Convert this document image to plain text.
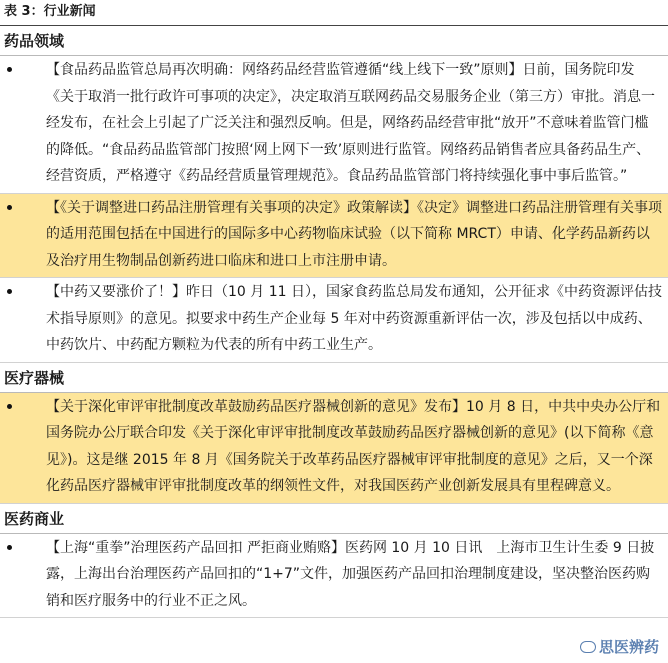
表 3：行业新闻
药品领域
【食品药品监管总局再次明确：网络药品经营监管遵循“线上线下一致”原则】日前，国务院印发《关于取消一批行政许可事项的决定》，决定取消互联网药品交易服务企业（第三方）审批。消息一经发布，在社会上引起了广泛关注和强烈反响。但是，网络药品经营审批“放开”不意味着监管门槛的降低。“食品药品监管部门按照‘网上网下一致’原则进行监管。网络药品销售者应具备药品生产、经营资质，严格遵守《药品经营质量管理规范》。食品药品监管部门将持续强化事中事后监管。”
【《关于调整进口药品注册管理有关事项的决定》政策解读】《决定》调整进口药品注册管理有关事项的适用范围包括在中国进行的国际多中心药物临床试验（以下简称 MRCT）申请、化学药品新药以及治疗用生物制品创新药进口临床和进口上市注册申请。
【中药又要涨价了！】昨日（10 月 11 日），国家食药监总局发布通知，公开征求《中药资源评估技术指导原则》的意见。拟要求中药生产企业每 5 年对中药资源重新评估一次，涉及包括以中成药、中药饮片、中药配方颗粒为代表的所有中药工业生产。
医疗器械
【关于深化审评审批制度改革鼓励药品医疗器械创新的意见》发布】10 月 8 日，中共中央办公厅和国务院办公厅联合印发《关于深化审评审批制度改革鼓励药品医疗器械创新的意见》(以下简称《意见》)。这是继 2015 年 8 月《国务院关于改革药品医疗器械审评审批制度的意见》之后，又一个深化药品医疗器械审评审批制度改革的纲领性文件，对我国医药产业创新发展具有里程碑意义。
医药商业
【上海“重拳”治理医药产品回扣 严拒商业贿赂】医药网 10 月 10 日讯　上海市卫生计生委 9 日披露，上海出台治理医药产品回扣的“1+7”文件，加强医药产品回扣治理制度建设，坚决整治医药购销和医疗服务中的行业不正之风。
思医辨药
